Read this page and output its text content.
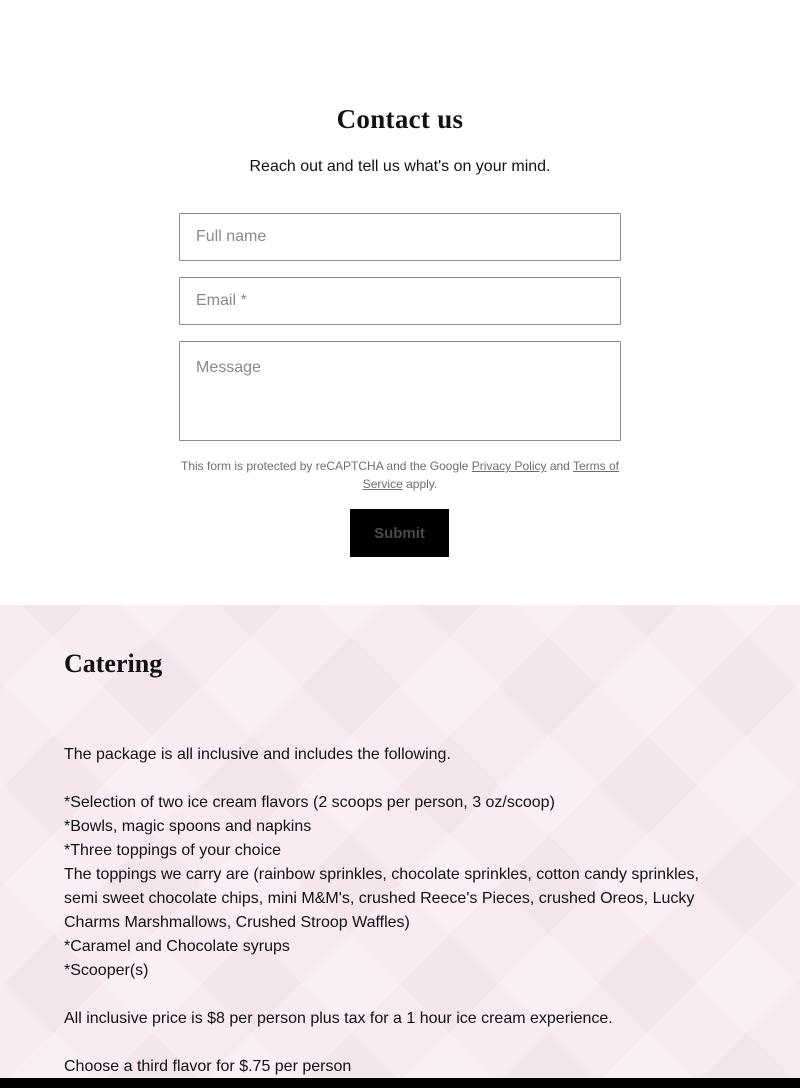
Contact us
Reach out and tell us what's on your mind.
Full name
Email *
Message
This form is protected by reCAPTCHA and the Google Privacy Policy and Terms of Service apply.
Submit
Catering

The package is all inclusive and includes the following.

*Selection of two ice cream flavors (2 scoops per person, 3 oz/scoop)

*Bowls, magic spoons and napkins

*Three toppings of your choice

The toppings we carry are (rainbow sprinkles, chocolate sprinkles, cotton candy sprinkles, semi sweet chocolate chips, mini M&M's, crushed Reece's Pieces, crushed Oreos, Lucky Charms Marshmallows, Crushed Stroop Waffles)

*Caramel and Chocolate syrups

*Scooper(s)

All inclusive price is $8 per person plus tax for a 1 hour ice cream experience.

Choose a third flavor for $.75 per person
